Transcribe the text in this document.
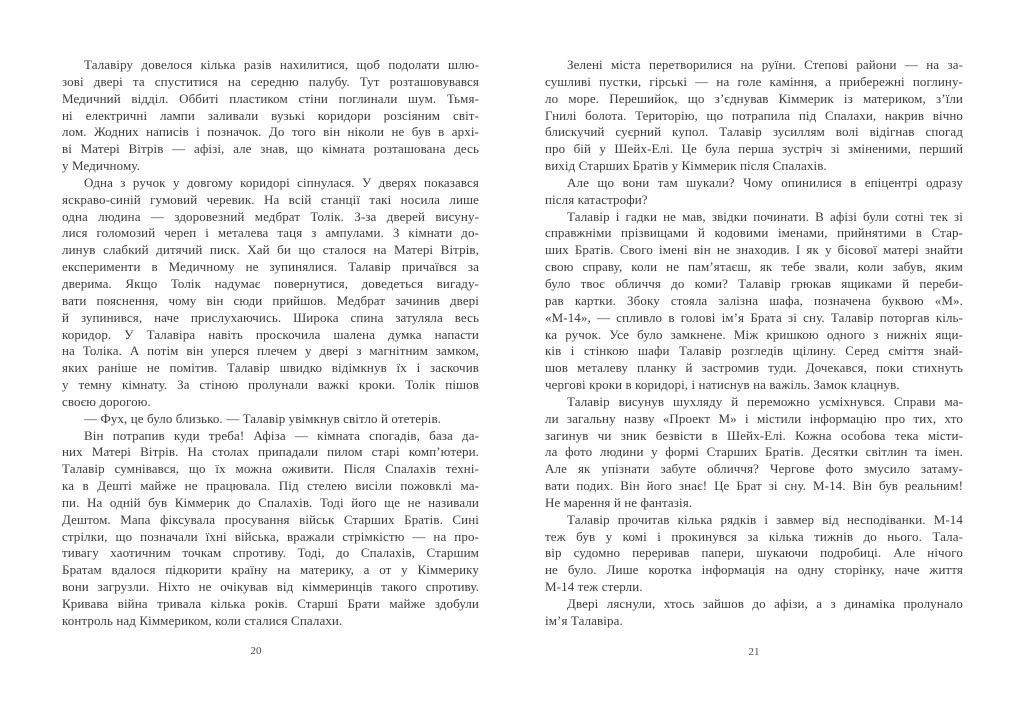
Талавіру довелося кілька разів нахилитися, щоб подолати шлю-
зові двері та спуститися на середню палубу. Тут розташовувався
Медичний відділ. Оббиті пластиком стіни поглинали шум. Тьмя-
ні електричні лампи заливали вузькі коридори розсіяним світ-
лом. Жодних написів і позначок. До того він ніколи не був в архі-
ві Матері Вітрів — афізі, але знав, що кімната розташована десь
у Медичному.
Одна з ручок у довгому коридорі сіпнулася. У дверях показався
яскраво-синій гумовий черевик. На всій станції такі носила лише
одна людина — здоровезний медбрат Толік. З-за дверей висуну-
лися голомозий череп і металева таця з ампулами. З кімнати до-
линув слабкий дитячий писк. Хай би що сталося на Матері Вітрів,
експерименти в Медичному не зупинялися. Талавір причаївся за
дверима. Якщо Толік надумає повернутися, доведеться вигаду-
вати пояснення, чому він сюди прийшов. Медбрат зачинив двері
й зупинився, наче прислухаючись. Широка спина затуляла весь
коридор. У Талавіра навіть проскочила шалена думка напасти
на Толіка. А потім він уперся плечем у двері з магнітним замком,
яких раніше не помітив. Талавір швидко відімкнув їх і заскочив
у темну кімнату. За стіною пролунали важкі кроки. Толік пішов
своєю дорогою.
— Фух, це було близько. — Талавір увімкнув світло й отетерів.
Він потрапив куди треба! Афіза — кімната спогадів, база да-
них Матері Вітрів. На столах припадали пилом старі комп’ютери.
Талавір сумнівався, що їх можна оживити. Після Спалахів техні-
ка в Дешті майже не працювала. Під стелею висіли пожовклі ма-
пи. На одній був Кіммерик до Спалахів. Тоді його ще не називали
Дештом. Мапа фіксувала просування військ Старших Братів. Сині
стрілки, що позначали їхні війська, вражали стрімкістю — на про-
тивагу хаотичним точкам спротиву. Тоді, до Спалахів, Старшим
Братам вдалося підкорити країну на материку, а от у Кіммерику
вони загрузли. Ніхто не очікував від кіммеринців такого спротиву.
Кривава війна тривала кілька років. Старші Брати майже здобули
контроль над Кіммериком, коли сталися Спалахи.
Зелені міста перетворилися на руїни. Степові райони — на за-
сушливі пустки, гірські — на голе каміння, а прибережні поглину-
ло море. Перешийок, що з’єднував Кіммерик із материком, з’їли
Гнилі болота. Територію, що потрапила під Спалахи, накрив вічно
блискучий суєрний купол. Талавір зусиллям волі відігнав спогад
про бій у Шейх-Елі. Це була перша зустріч зі зміненими, перший
вихід Старших Братів у Кіммерик після Спалахів.
Але що вони там шукали? Чому опинилися в епіцентрі одразу
після катастрофи?
Талавір і гадки не мав, звідки починати. В афізі були сотні тек зі
справжніми прізвищами й кодовими іменами, прийнятими в Стар-
ших Братів. Свого імені він не знаходив. І як у бісової матері знайти
свою справу, коли не пам’ятаєш, як тебе звали, коли забув, яким
було твоє обличчя до коми? Талавір грюкав ящиками й переби-
рав картки. Збоку стояла залізна шафа, позначена буквою «М».
«М-14», — спливло в голові ім’я Брата зі сну. Талавір поторгав кіль-
ка ручок. Усе було замкнене. Між кришкою одного з нижніх ящи-
ків і стінкою шафи Талавір розгледів щілину. Серед сміття знай-
шов металеву планку й застромив туди. Дочекався, поки стихнуть
чергові кроки в коридорі, і натиснув на важіль. Замок клацнув.
Талавір висунув шухляду й переможно усміхнувся. Справи ма-
ли загальну назву «Проект М» і містили інформацію про тих, хто
загинув чи зник безвісти в Шейх-Елі. Кожна особова тека місти-
ла фото людини у формі Старших Братів. Десятки світлин та імен.
Але як упізнати забуте обличчя? Чергове фото змусило затаму-
вати подих. Він його знає! Це Брат зі сну. М-14. Він був реальним!
Не марення й не фантазія.
Талавір прочитав кілька рядків і завмер від несподіванки. М-14
теж був у комі і прокинувся за кілька тижнів до нього. Тала-
вір судомно переривав папери, шукаючи подробиці. Але нічого
не було. Лише коротка інформація на одну сторінку, наче життя
М-14 теж стерли.
Двері ляснули, хтось зайшов до афізи, а з динаміка пролунало
ім’я Талавіра.
20	21
